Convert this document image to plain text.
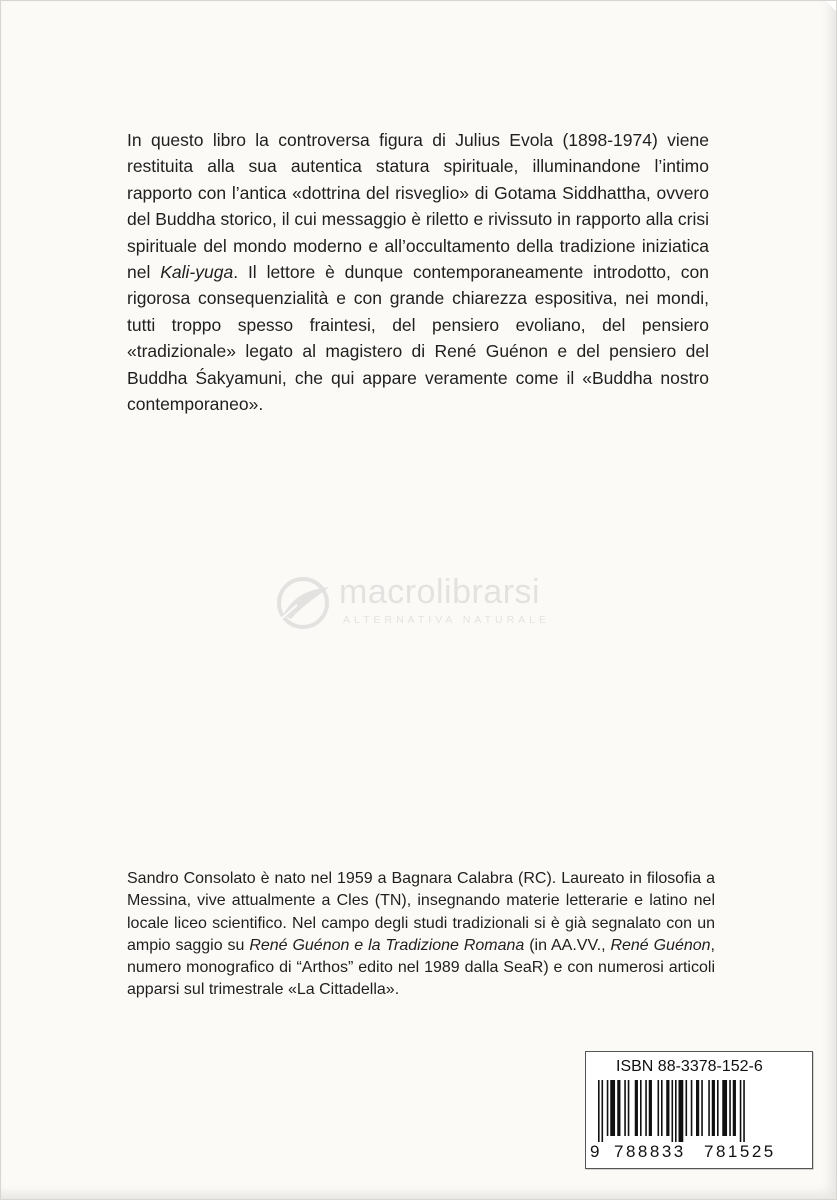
In questo libro la controversa figura di Julius Evola (1898-1974) viene restituita alla sua autentica statura spirituale, illuminandone l’intimo rapporto con l’antica «dottrina del risveglio» di Gotama Siddhattha, ovvero del Buddha storico, il cui messaggio è riletto e rivissuto in rapporto alla crisi spirituale del mondo moderno e all’occultamento della tradizione iniziatica nel Kali-yuga. Il lettore è dunque contemporaneamente introdotto, con rigorosa consequenzialità e con grande chiarezza espositiva, nei mondi, tutti troppo spesso fraintesi, del pensiero evoliano, del pensiero «tradizionale» legato al magistero di René Guénon e del pensiero del Buddha Śakyamuni, che qui appare veramente come il «Buddha nostro contemporaneo».

macrolibrarsi
ALTERNATIVA NATURALE

Sandro Consolato è nato nel 1959 a Bagnara Calabra (RC). Laureato in filosofia a Messina, vive attualmente a Cles (TN), insegnando materie letterarie e latino nel locale liceo scientifico. Nel campo degli studi tradizionali si è già segnalato con un ampio saggio su René Guénon e la Tradizione Romana (in AA.VV., René Guénon, numero monografico di “Arthos” edito nel 1989 dalla SeaR) e con numerosi articoli apparsi sul trimestrale «La Cittadella».

ISBN 88-3378-152-6
9 788833 781525
